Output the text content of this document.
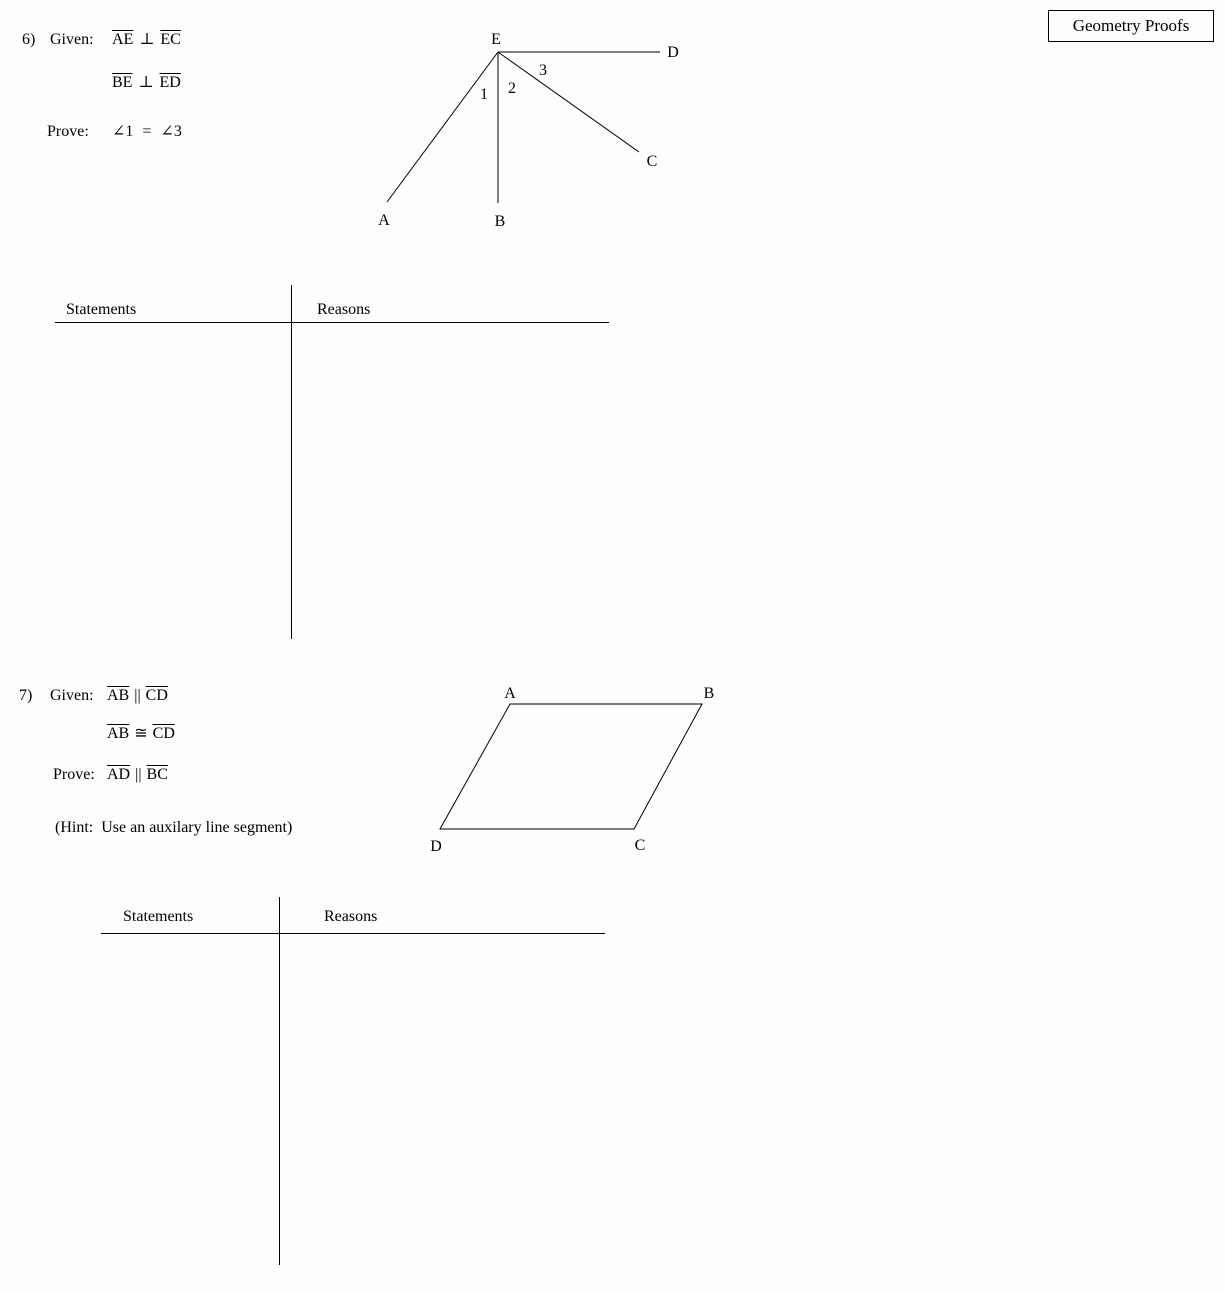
Geometry Proofs
6) Given: $\overline{AE}$ ⊥ $\overline{EC}$
$\overline{BE}$ ⊥ $\overline{ED}$
Prove: ∠1 = ∠3
E
D
A	B
C
1 2
3
Statements	Reasons
7) Given: $\overline{AB}$ || $\overline{CD}$
$\overline{AB}$ ≅ $\overline{CD}$
Prove: $\overline{AD}$ || $\overline{BC}$
(Hint:  Use an auxilary line segment)
A	B
C
D
Statements	Reasons
